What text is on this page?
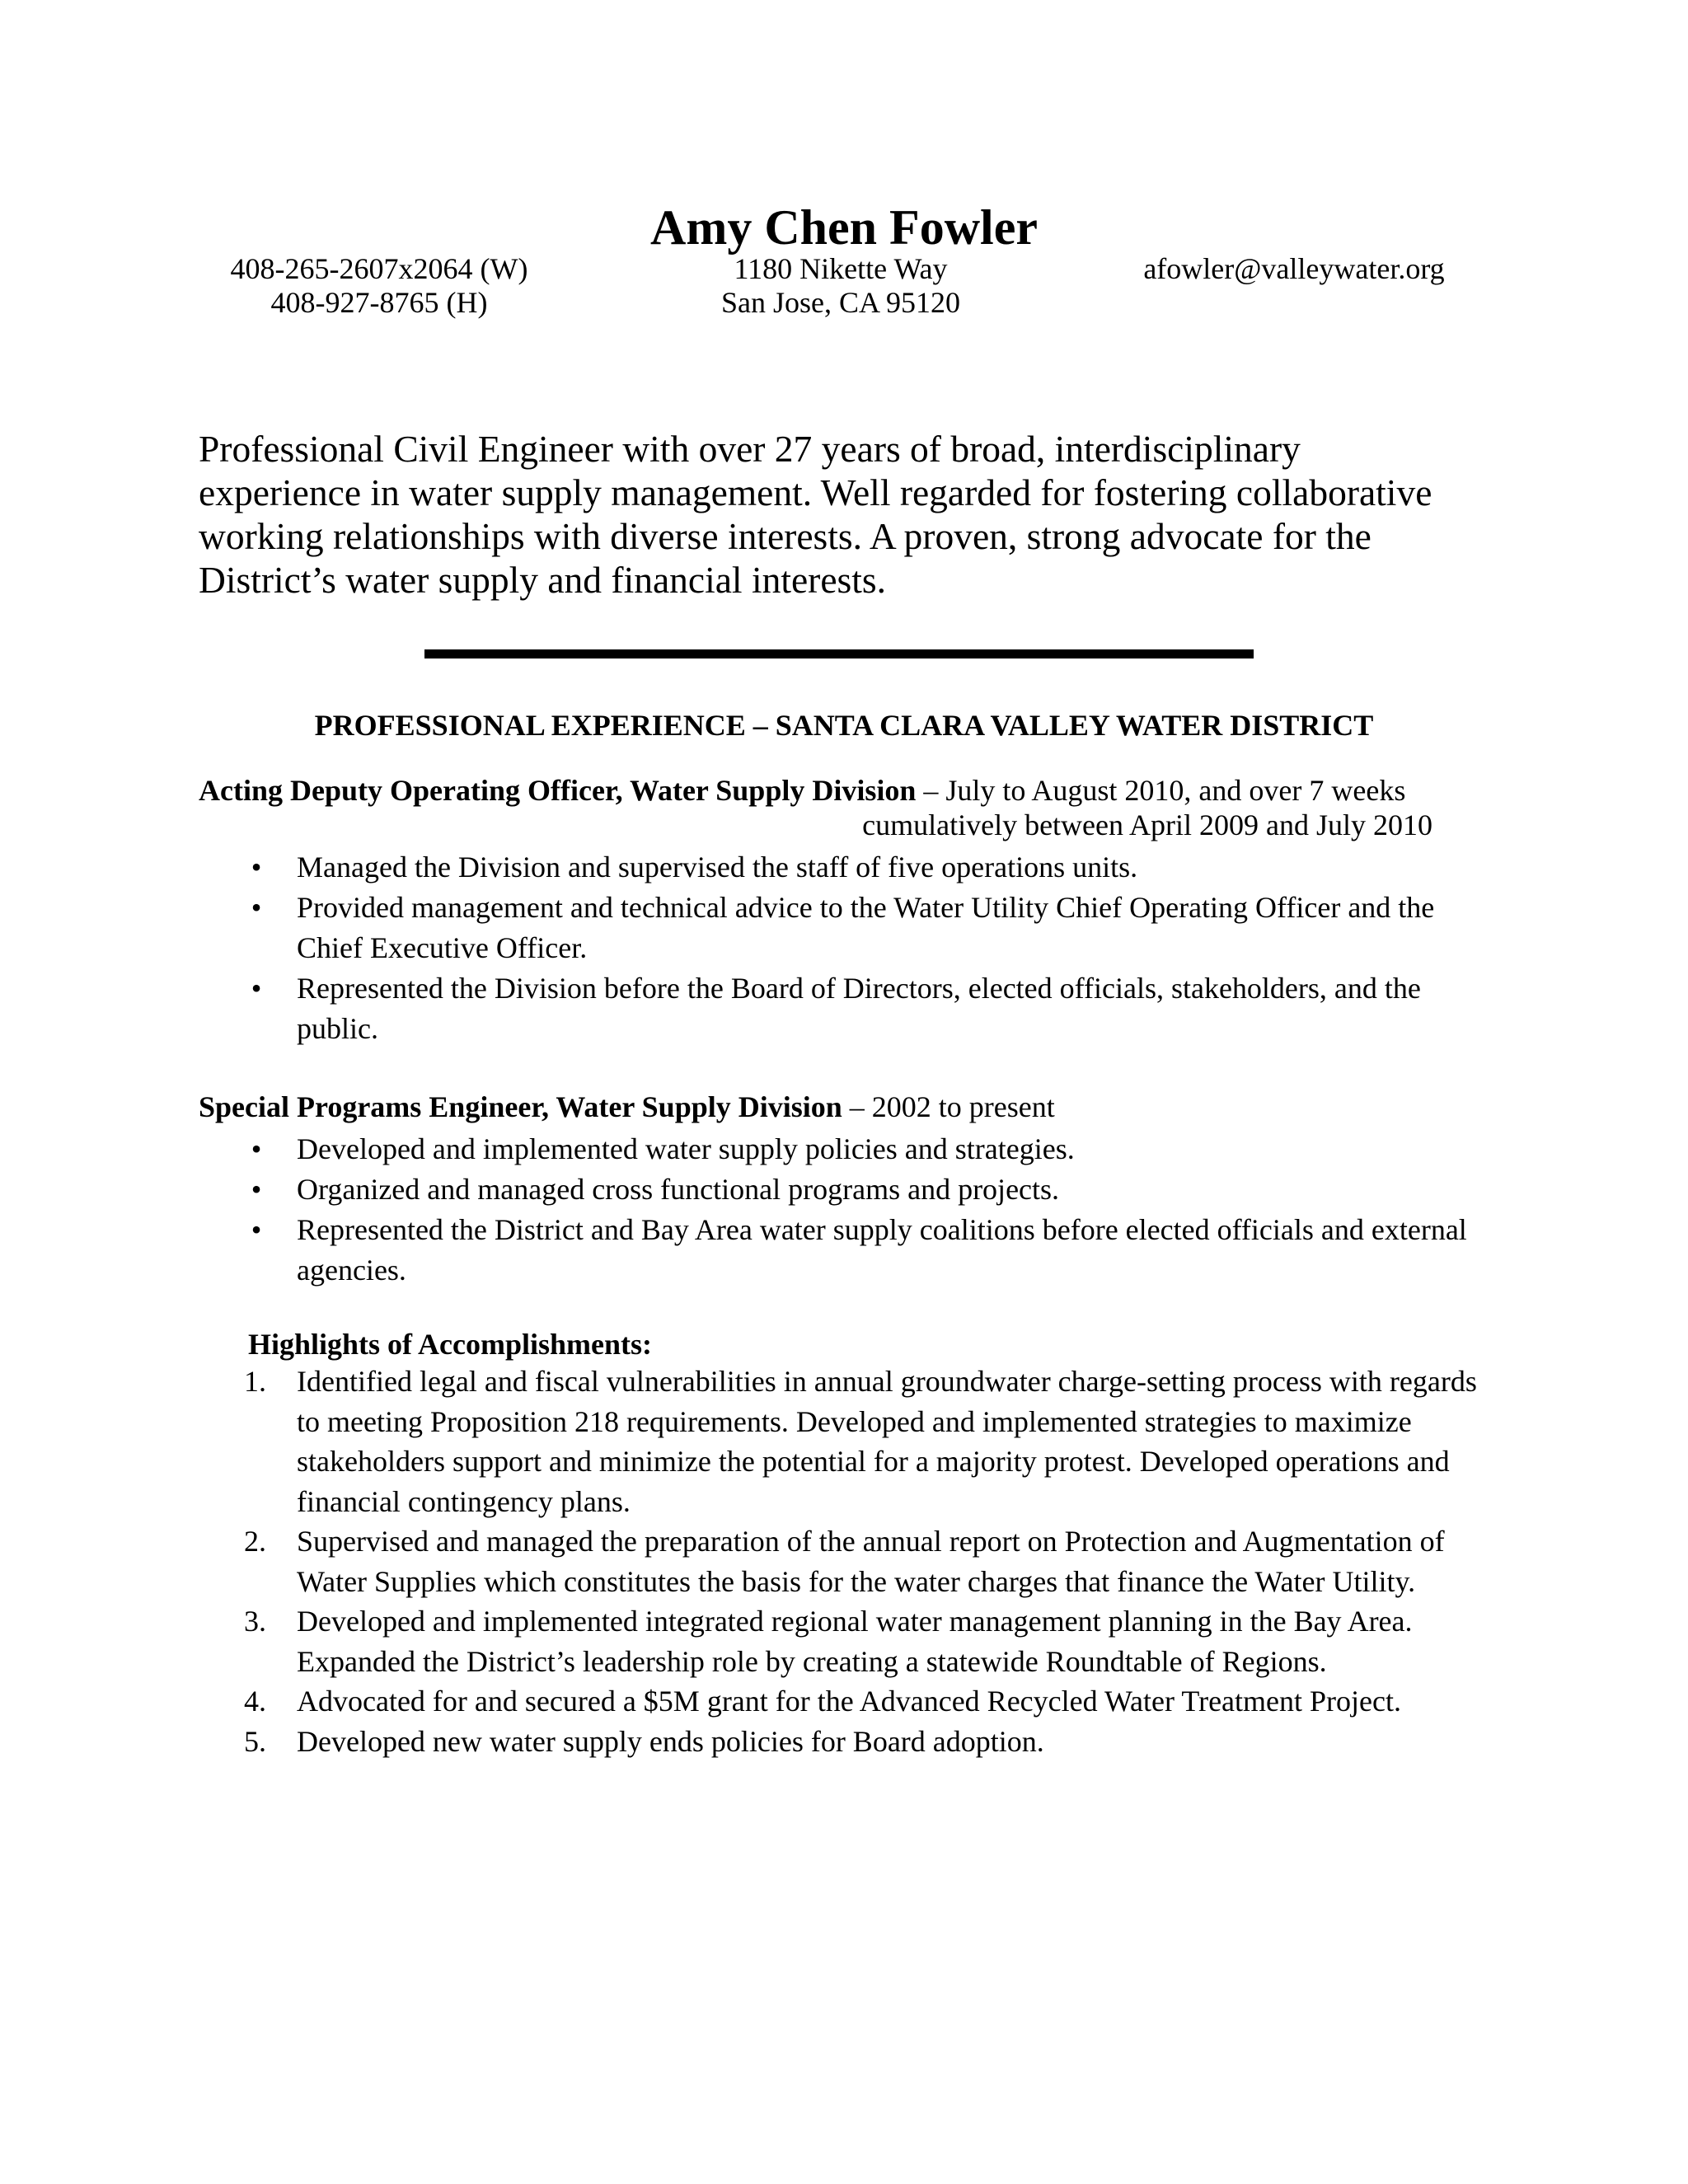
Amy Chen Fowler
408-265-2607x2064 (W)
408-927-8765 (H)
1180 Nikette Way
San Jose, CA 95120
afowler@valleywater.org
Professional Civil Engineer with over 27 years of broad, interdisciplinary
experience in water supply management. Well regarded for fostering collaborative
working relationships with diverse interests. A proven, strong advocate for the
District’s water supply and financial interests.
PROFESSIONAL EXPERIENCE – SANTA CLARA VALLEY WATER DISTRICT
Acting Deputy Operating Officer, Water Supply Division – July to August 2010, and over 7 weeks
cumulatively between April 2009 and July 2010
• Managed the Division and supervised the staff of five operations units.
• Provided management and technical advice to the Water Utility Chief Operating Officer and the Chief Executive Officer.
• Represented the Division before the Board of Directors, elected officials, stakeholders, and the public.
Special Programs Engineer, Water Supply Division – 2002 to present
• Developed and implemented water supply policies and strategies.
• Organized and managed cross functional programs and projects.
• Represented the District and Bay Area water supply coalitions before elected officials and external agencies.
Highlights of Accomplishments:
1.	Identified legal and fiscal vulnerabilities in annual groundwater charge-setting process with regards to meeting Proposition 218 requirements. Developed and implemented strategies to maximize stakeholders support and minimize the potential for a majority protest. Developed operations and financial contingency plans.
2.	Supervised and managed the preparation of the annual report on Protection and Augmentation of Water Supplies which constitutes the basis for the water charges that finance the Water Utility.
3.	Developed and implemented integrated regional water management planning in the Bay Area. Expanded the District’s leadership role by creating a statewide Roundtable of Regions.
4.	Advocated for and secured a $5M grant for the Advanced Recycled Water Treatment Project.
5.	Developed new water supply ends policies for Board adoption.
